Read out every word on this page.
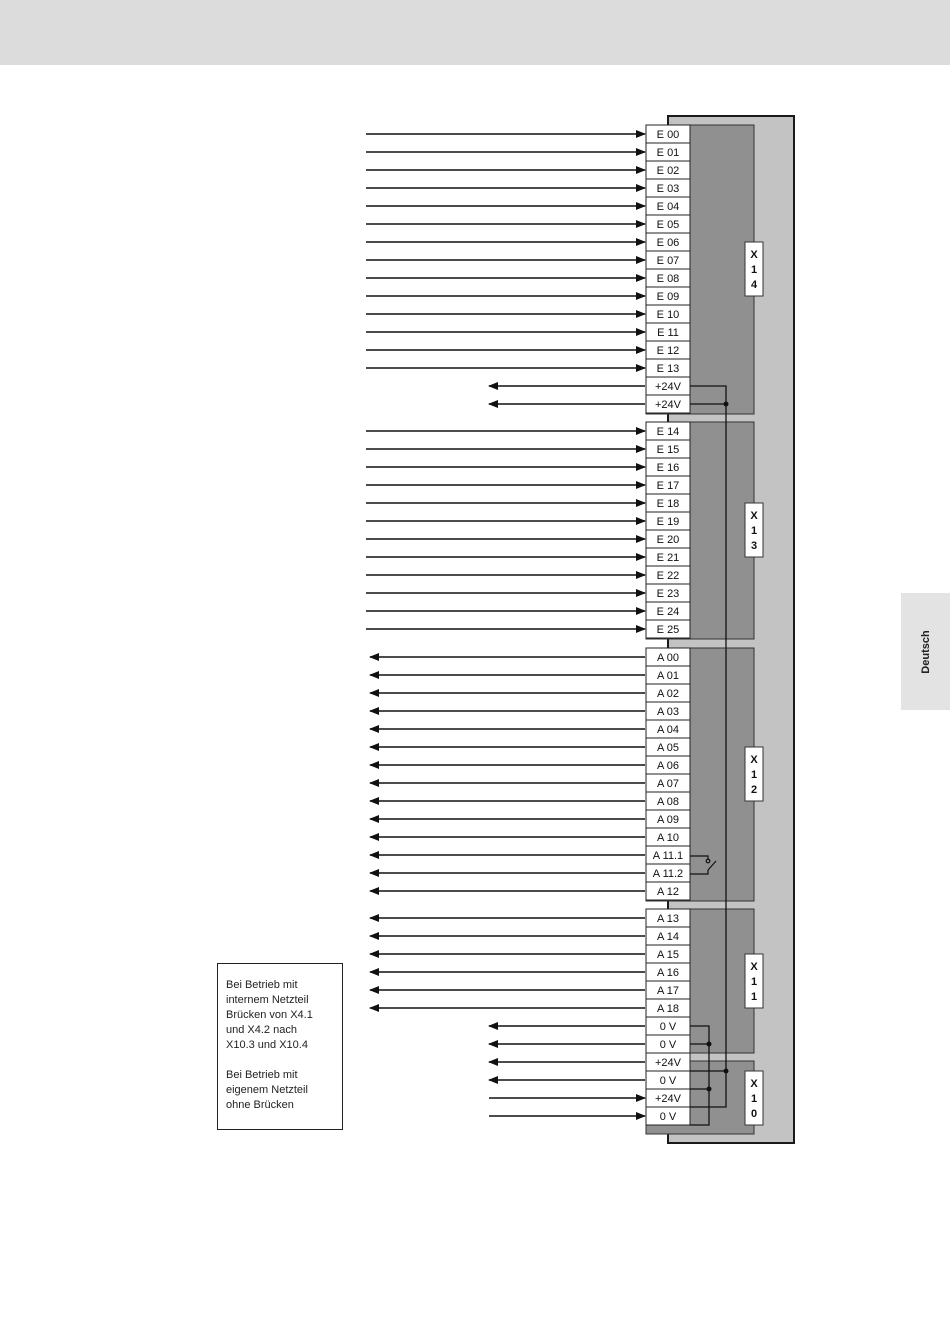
Deutsch
X
1
4
X
1
3
X
1
2
X
1
1
X
1
0
E 00
E 01
E 02
E 03
E 04
E 05
E 06
E 07
E 08
E 09
E 10
E 11
E 12
E 13
+24V
+24V
E 14
E 15
E 16
E 17
E 18
E 19
E 20
E 21
E 22
E 23
E 24
E 25
A 00
A 01
A 02
A 03
A 04
A 05
A 06
A 07
A 08
A 09
A 10
A 11.1
A 11.2
A 12
A 13
A 14
A 15
A 16
A 17
A 18
0 V
0 V
+24V
0 V
+24V
0 V

Bei Betrieb mit

internem Netzteil

Brücken von X4.1

und X4.2 nach

X10.3 und X10.4

Bei Betrieb mit

eigenem Netzteil

ohne Brücken
